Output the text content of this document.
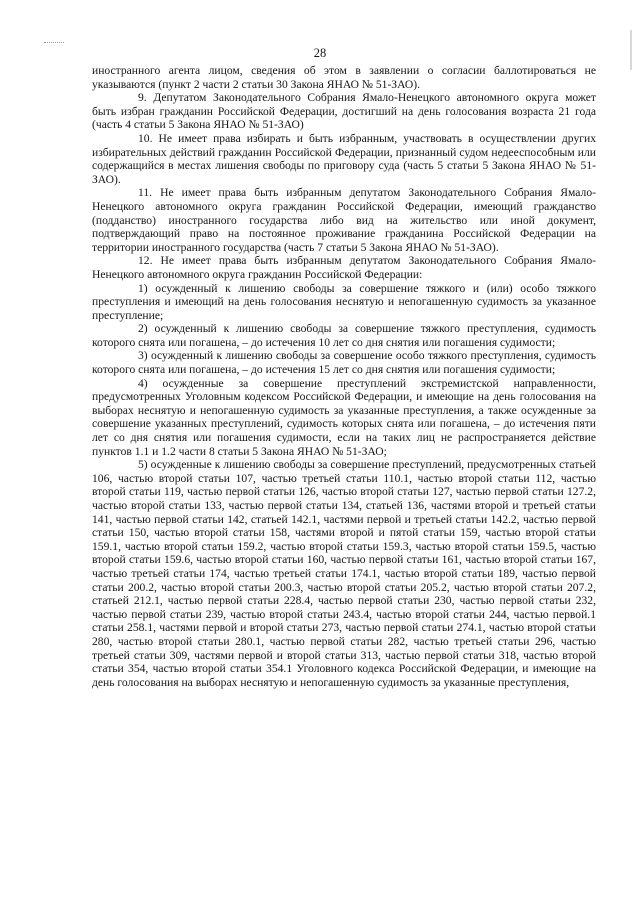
28

иностранного агента лицом, сведения об этом в заявлении о согласии баллотироваться не указываются (пункт 2 части 2 статьи 30 Закона ЯНАО № 51-ЗАО).

9. Депутатом Законодательного Собрания Ямало-Ненецкого автономного округа может быть избран гражданин Российской Федерации, достигший на день голосования возраста 21 года (часть 4 статьи 5 Закона ЯНАО № 51-ЗАО)

10. Не имеет права избирать и быть избранным, участвовать в осуществлении других избирательных действий гражданин Российской Федерации, признанный судом недееспособным или содержащийся в местах лишения свободы по приговору суда (часть 5 статьи 5 Закона ЯНАО № 51-ЗАО).

11. Не имеет права быть избранным депутатом Законодательного Собрания Ямало-Ненецкого автономного округа гражданин Российской Федерации, имеющий гражданство (подданство) иностранного государства либо вид на жительство или иной документ, подтверждающий право на постоянное проживание гражданина Российской Федерации на территории иностранного государства (часть 7 статьи 5 Закона ЯНАО № 51-ЗАО).

12. Не имеет права быть избранным депутатом Законодательного Собрания Ямало-Ненецкого автономного округа гражданин Российской Федерации:

1) осужденный к лишению свободы за совершение тяжкого и (или) особо тяжкого преступления и имеющий на день голосования неснятую и непогашенную судимость за указанное преступление;

2) осужденный к лишению свободы за совершение тяжкого преступления, судимость которого снята или погашена, – до истечения 10 лет со дня снятия или погашения судимости;

3) осужденный к лишению свободы за совершение особо тяжкого преступления, судимость которого снята или погашена, – до истечения 15 лет со дня снятия или погашения судимости;

4) осужденные за совершение преступлений экстремистской направленности, предусмотренных Уголовным кодексом Российской Федерации, и имеющие на день голосования на выборах неснятую и непогашенную судимость за указанные преступления, а также осужденные за совершение указанных преступлений, судимость которых снята или погашена, – до истечения пяти лет со дня снятия или погашения судимости, если на таких лиц не распространяется действие пунктов 1.1 и 1.2 части 8 статьи 5 Закона ЯНАО № 51-ЗАО;

5) осужденные к лишению свободы за совершение преступлений, предусмотренных статьей 106, частью второй статьи 107, частью третьей статьи 110.1, частью второй статьи 112, частью второй статьи 119, частью первой статьи 126, частью второй статьи 127, частью первой статьи 127.2, частью второй статьи 133, частью первой статьи 134, статьей 136, частями второй и третьей статьи 141, частью первой статьи 142, статьей 142.1, частями первой и третьей статьи 142.2, частью первой статьи 150, частью второй статьи 158, частями второй и пятой статьи 159, частью второй статьи 159.1, частью второй статьи 159.2, частью второй статьи 159.3, частью второй статьи 159.5, частью второй статьи 159.6, частью второй статьи 160, частью первой статьи 161, частью второй статьи 167, частью третьей статьи 174, частью третьей статьи 174.1, частью второй статьи 189, частью первой статьи 200.2, частью второй статьи 200.3, частью второй статьи 205.2, частью второй статьи 207.2, статьей 212.1, частью первой статьи 228.4, частью первой статьи 230, частью первой статьи 232, частью первой статьи 239, частью второй статьи 243.4, частью второй статьи 244, частью первой.1 статьи 258.1, частями первой и второй статьи 273, частью первой статьи 274.1, частью второй статьи 280, частью второй статьи 280.1, частью первой статьи 282, частью третьей статьи 296, частью третьей статьи 309, частями первой и второй статьи 313, частью первой статьи 318, частью второй статьи 354, частью второй статьи 354.1 Уголовного кодекса Российской Федерации, и имеющие на день голосования на выборах неснятую и непогашенную судимость за указанные преступления,
